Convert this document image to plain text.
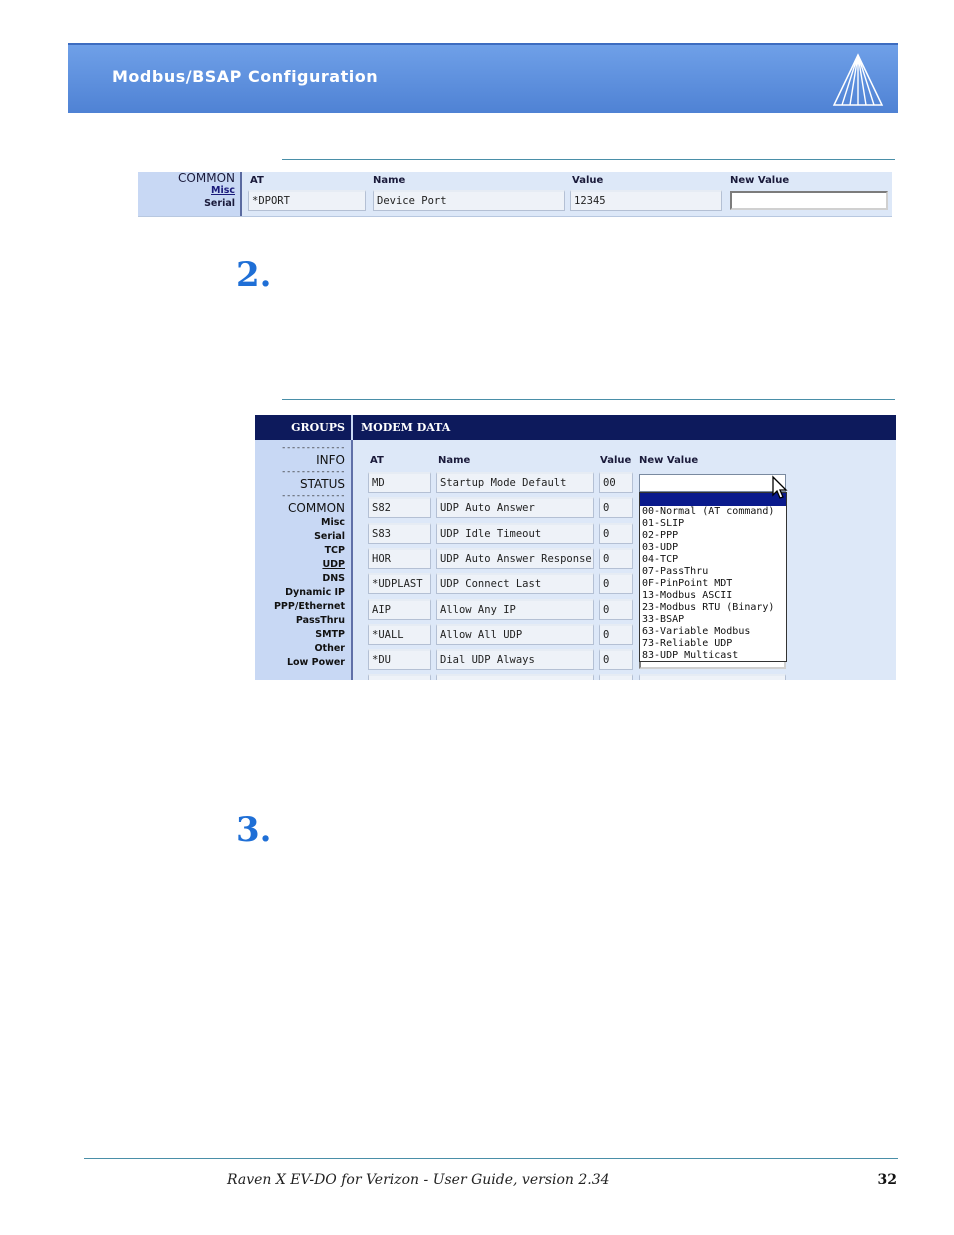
Modbus/BSAP Configuration
COMMON
Misc
Serial
AT	Name	Value	New Value
*DPORT	Device Port	12345
2.
GROUPS	MODEM DATA
-------------
INFO
-------------
STATUS
-------------
COMMON
Misc
Serial
TCP
UDP
DNS
Dynamic IP
PPP/Ethernet
PassThru
SMTP
Other
Low Power
AT	Name	Value New Value
MD	Startup Mode Default	00
S82	UDP Auto Answer	0
S83	UDP Idle Timeout	0
HOR	UDP Auto Answer Response	0
*UDPLAST	UDP Connect Last	0
AIP	Allow Any IP	0
*UALL	Allow All UDP	0
*DU	Dial UDP Always	0
00-Normal (AT command)
01-SLIP
02-PPP
03-UDP
04-TCP
07-PassThru
0F-PinPoint MDT
13-Modbus ASCII
23-Modbus RTU (Binary)
33-BSAP
63-Variable Modbus
73-Reliable UDP
83-UDP Multicast
3.
Raven X EV-DO for Verizon - User Guide, version 2.34	32
